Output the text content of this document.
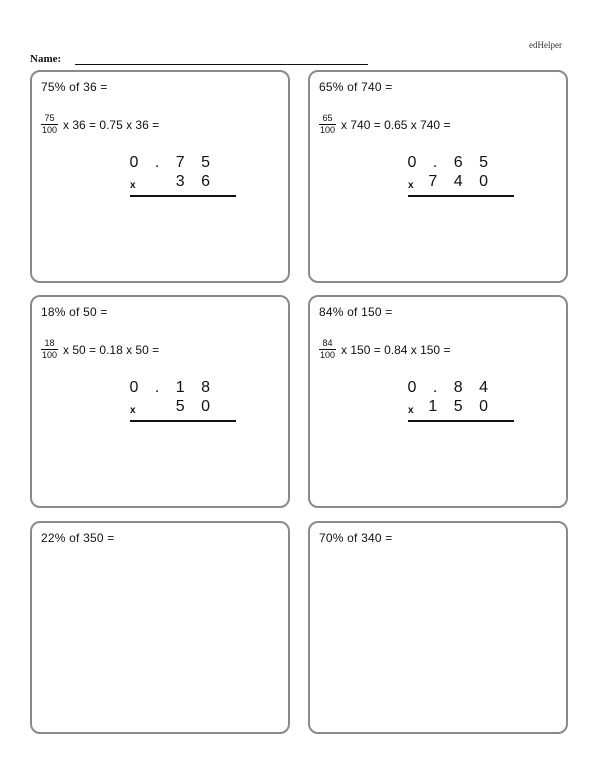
edHelper
Name:
75% of 36 =
$\frac{75}{100}$ x 36 = 0.75 x 36 =
0 . 7 5
x	3 6
65% of 740 =
$\frac{65}{100}$ x 740 = 0.65 x 740 =
0 . 6 5
x 7 4 0
18% of 50 =
$\frac{18}{100}$ x 50 = 0.18 x 50 =
0 . 1 8
x	5 0
84% of 150 =
$\frac{84}{100}$ x 150 = 0.84 x 150 =
0 . 8 4
x 1 5 0
22% of 350 =	70% of 340 =
